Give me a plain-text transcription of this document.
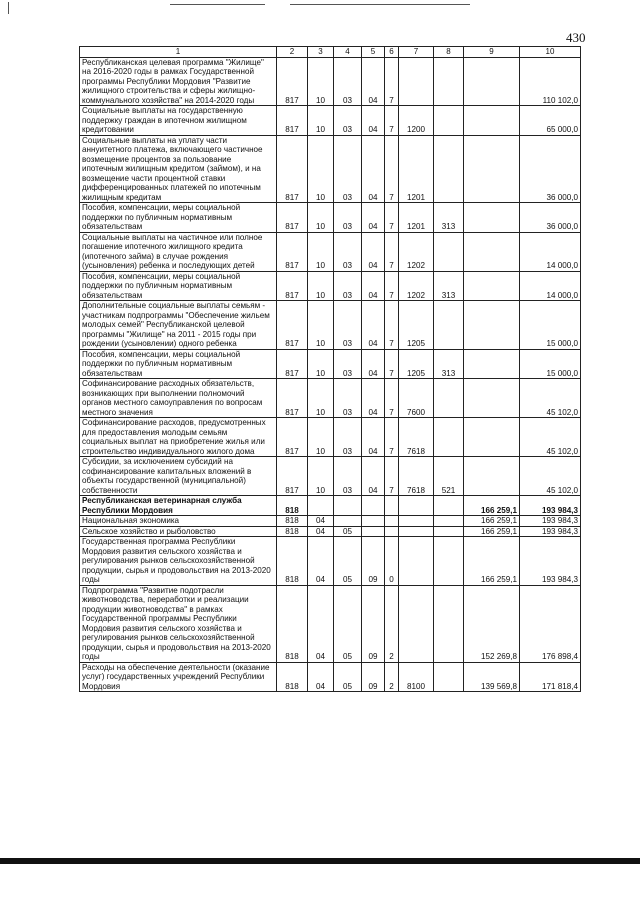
430
1	2	3	4	5	6	7	8	9	10
Республиканская целевая программа "Жилище" на 2016-2020 годы в рамках Государственной программы Республики Мордовия "Развитие жилищного строительства и сферы жилищно-коммунального хозяйства" на 2014-2020 годы	817	10	03	04	7				110 102,0
Социальные выплаты на государственную поддержку граждан в ипотечном жилищном кредитовании	817	10	03	04	7	1200			65 000,0
Социальные выплаты на уплату части аннуитетного платежа, включающего частичное возмещение процентов за пользование ипотечным жилищным кредитом (займом), и на возмещение части процентной ставки дифференцированных платежей по ипотечным жилищным кредитам	817	10	03	04	7	1201			36 000,0
Пособия, компенсации, меры социальной поддержки по публичным нормативным обязательствам	817	10	03	04	7	1201	313		36 000,0
Социальные выплаты на частичное или полное погашение ипотечного жилищного кредита (ипотечного займа) в случае рождения (усыновления) ребенка и последующих детей	817	10	03	04	7	1202			14 000,0
Пособия, компенсации, меры социальной поддержки по публичным нормативным обязательствам	817	10	03	04	7	1202	313		14 000,0
Дополнительные социальные выплаты семьям - участникам подпрограммы "Обеспечение жильем молодых семей" Республиканской целевой программы "Жилище" на 2011 - 2015 годы при рождении (усыновлении) одного ребенка	817	10	03	04	7	1205			15 000,0
Пособия, компенсации, меры социальной поддержки по публичным нормативным обязательствам	817	10	03	04	7	1205	313		15 000,0
Софинансирование расходных обязательств, возникающих при выполнении полномочий органов местного самоуправления по вопросам местного значения	817	10	03	04	7	7600			45 102,0
Софинансирование расходов, предусмотренных для предоставления молодым семьям социальных выплат на приобретение жилья или строительство индивидуального жилого дома	817	10	03	04	7	7618			45 102,0
Субсидии, за исключением субсидий на софинансирование капитальных вложений в объекты государственной (муниципальной) собственности	817	10	03	04	7	7618	521		45 102,0
Республиканская ветеринарная служба Республики Мордовия	818							166 259,1	193 984,3
Национальная экономика	818	04						166 259,1	193 984,3
Сельское хозяйство и рыболовство	818	04	05					166 259,1	193 984,3
Государственная программа Республики Мордовия развития сельского хозяйства и регулирования рынков сельскохозяйственной продукции, сырья и продовольствия на 2013-2020 годы	818	04	05	09	0			166 259,1	193 984,3
Подпрограмма "Развитие подотрасли животноводства, переработки и реализации продукции животноводства" в рамках Государственной программы Республики Мордовия развития сельского хозяйства и регулирования рынков сельскохозяйственной продукции, сырья и продовольствия на 2013-2020 годы	818	04	05	09	2			152 269,8	176 898,4
Расходы на обеспечение деятельности (оказание услуг) государственных учреждений Республики Мордовия	818	04	05	09	2	8100		139 569,8	171 818,4
